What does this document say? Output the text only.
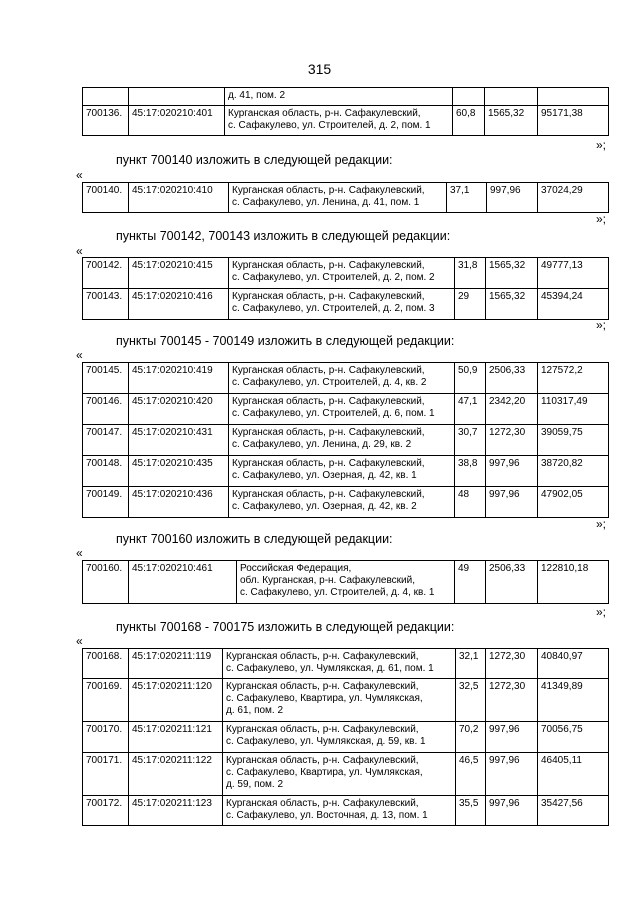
315

		д. 41, пом. 2			

700136.	45:17:020210:401	Курганская область, р-н. Сафакулевский,
с. Сафакулево, ул. Строителей, д. 2, пом. 1	60,8	1565,32	95171,38
»;
пункт 700140 изложить в следующей редакции:
«
700140.	45:17:020210:410	Курганская область, р-н. Сафакулевский,
с. Сафакулево, ул. Ленина, д. 41, пом. 1
	37,1	997,96	37024,29
»;
пункты 700142, 700143 изложить в следующей редакции:
«
700142.	45:17:020210:415	Курганская область, р-н. Сафакулевский,
с. Сафакулево, ул. Строителей, д. 2, пом. 2	31,8	1565,32	49777,13
700143.	45:17:020210:416	Курганская область, р-н. Сафакулевский,
с. Сафакулево, ул. Строителей, д. 2, пом. 3	29	1565,32	45394,24
»;
пункты 700145 - 700149 изложить в следующей редакции:
«
700145.	45:17:020210:419	Курганская область, р-н. Сафакулевский,
с. Сафакулево, ул. Строителей, д. 4, кв. 2	50,9	2506,33	127572,2
700146.	45:17:020210:420	Курганская область, р-н. Сафакулевский,
с. Сафакулево, ул. Строителей, д. 6, пом. 1	47,1	2342,20	110317,49
700147.	45:17:020210:431	Курганская область, р-н. Сафакулевский,
с. Сафакулево, ул. Ленина, д. 29, кв. 2	30,7	1272,30	39059,75
700148.	45:17:020210:435	Курганская область, р-н. Сафакулевский,
с. Сафакулево, ул. Озерная, д. 42, кв. 1	38,8	997,96	38720,82
700149.	45:17:020210:436	Курганская область, р-н. Сафакулевский,
с. Сафакулево, ул. Озерная, д. 42, кв. 2	48	997,96	47902,05
»;
пункт 700160 изложить в следующей редакции:
«
700160.	45:17:020210:461	Российская Федерация,
обл. Курганская, р-н. Сафакулевский,
с. Сафакулево, ул. Строителей, д. 4, кв. 1
	49	2506,33	122810,18
»;
пункты 700168 - 700175 изложить в следующей редакции:
«
700168.	45:17:020211:119	Курганская область, р-н. Сафакулевский,
с. Сафакулево, ул. Чумлякская, д. 61, пом. 1	32,1	1272,30	40840,97
700169.	45:17:020211:120	Курганская область, р-н. Сафакулевский,
с. Сафакулево, Квартира, ул. Чумлякская,
д. 61, пом. 2	32,5	1272,30	41349,89
700170.	45:17:020211:121	Курганская область, р-н. Сафакулевский,
с. Сафакулево, ул. Чумлякская, д. 59, кв. 1	70,2	997,96	70056,75
700171.	45:17:020211:122	Курганская область, р-н. Сафакулевский,
с. Сафакулево, Квартира, ул. Чумлякская,
д. 59, пом. 2	46,5	997,96	46405,11
700172.	45:17:020211:123	Курганская область, р-н. Сафакулевский,
с. Сафакулево, ул. Восточная, д. 13, пом. 1	35,5	997,96	35427,56
